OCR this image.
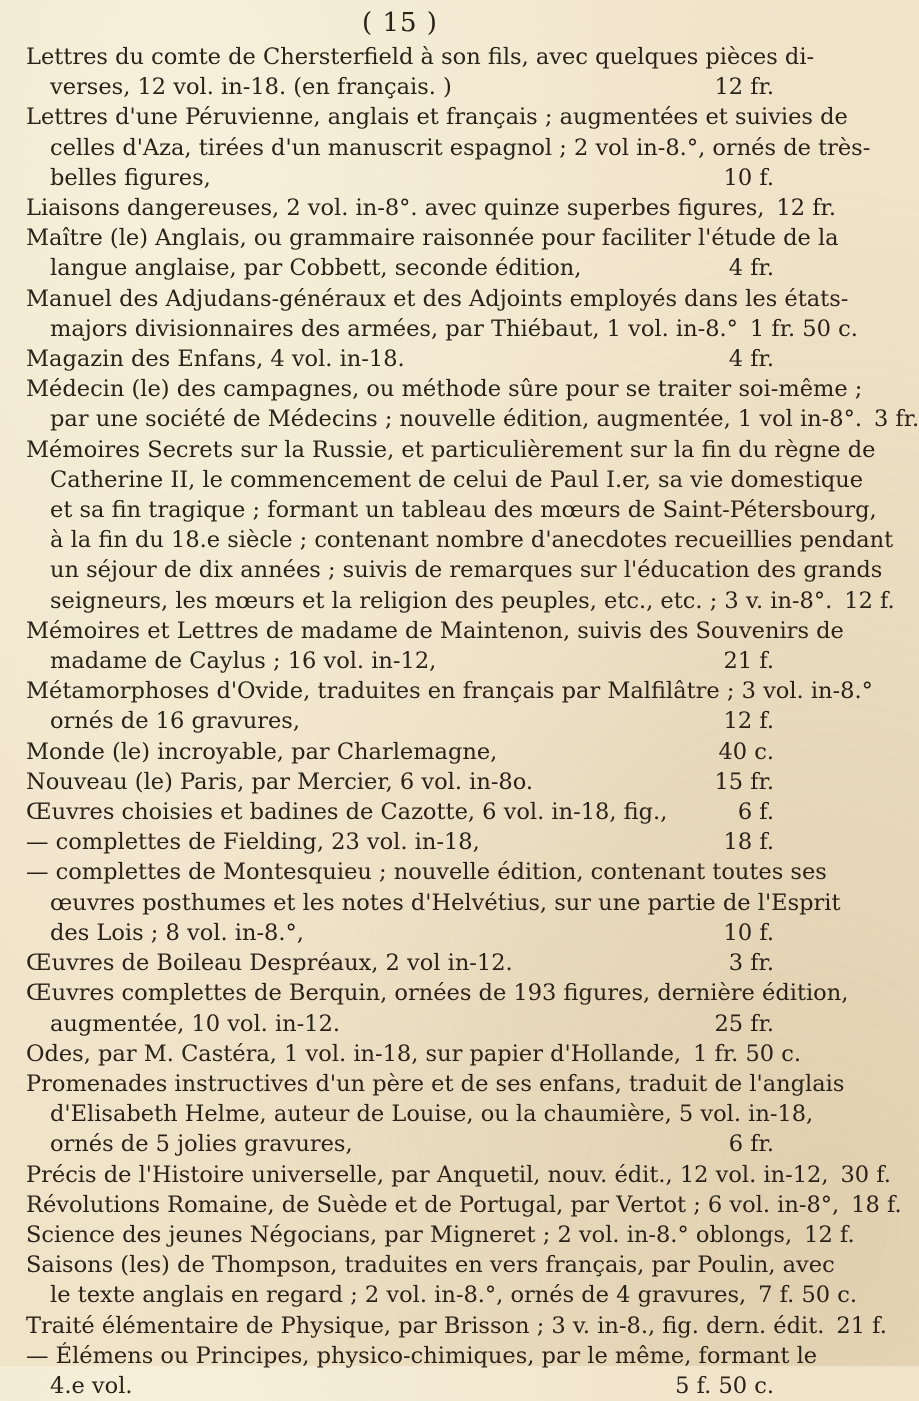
( 15 )
Lettres du comte de Chersterfield à son fils, avec quelques pièces di-
verses, 12 vol. in-18. (en français. )	12 fr.
Lettres d'une Péruvienne, anglais et français ; augmentées et suivies de
celles d'Aza, tirées d'un manuscrit espagnol ; 2 vol in-8.°, ornés de très-
belles figures,	10 f.
Liaisons dangereuses, 2 vol. in-8°. avec quinze superbes figures, 12 fr.
Maître (le) Anglais, ou grammaire raisonnée pour faciliter l'étude de la
langue anglaise, par Cobbett, seconde édition,	4 fr.
Manuel des Adjudans-généraux et des Adjoints employés dans les états-
majors divisionnaires des armées, par Thiébaut, 1 vol. in-8.° 1 fr. 50 c.
Magazin des Enfans, 4 vol. in-18.	4 fr.
Médecin (le) des campagnes, ou méthode sûre pour se traiter soi-même ;
par une société de Médecins ; nouvelle édition, augmentée, 1 vol in-8°. 3 fr.
Mémoires Secrets sur la Russie, et particulièrement sur la fin du règne de
Catherine II, le commencement de celui de Paul I.er, sa vie domestique
et sa fin tragique ; formant un tableau des mœurs de Saint-Pétersbourg,
à la fin du 18.e siècle ; contenant nombre d'anecdotes recueillies pendant
un séjour de dix années ; suivis de remarques sur l'éducation des grands
seigneurs, les mœurs et la religion des peuples, etc., etc. ; 3 v. in-8°. 12 f.
Mémoires et Lettres de madame de Maintenon, suivis des Souvenirs de
madame de Caylus ; 16 vol. in-12,	21 f.
Métamorphoses d'Ovide, traduites en français par Malfilâtre ; 3 vol. in-8.°
ornés de 16 gravures,	12 f.
Monde (le) incroyable, par Charlemagne,	40 c.
Nouveau (le) Paris, par Mercier, 6 vol. in-8o.	15 fr.
Œuvres choisies et badines de Cazotte, 6 vol. in-18, fig.,	6 f.
— complettes de Fielding, 23 vol. in-18,	18 f.
— complettes de Montesquieu ; nouvelle édition, contenant toutes ses
œuvres posthumes et les notes d'Helvétius, sur une partie de l'Esprit
des Lois ; 8 vol. in-8.°,	10 f.
Œuvres de Boileau Despréaux, 2 vol in-12.	3 fr.
Œuvres complettes de Berquin, ornées de 193 figures, dernière édition,
augmentée, 10 vol. in-12.	25 fr.
Odes, par M. Castéra, 1 vol. in-18, sur papier d'Hollande, 1 fr. 50 c.
Promenades instructives d'un père et de ses enfans, traduit de l'anglais
d'Elisabeth Helme, auteur de Louise, ou la chaumière, 5 vol. in-18,
ornés de 5 jolies gravures,	6 fr.
Précis de l'Histoire universelle, par Anquetil, nouv. édit., 12 vol. in-12, 30 f.
Révolutions Romaine, de Suède et de Portugal, par Vertot ; 6 vol. in-8°, 18 f.
Science des jeunes Négocians, par Migneret ; 2 vol. in-8.° oblongs, 12 f.
Saisons (les) de Thompson, traduites en vers français, par Poulin, avec
le texte anglais en regard ; 2 vol. in-8.°, ornés de 4 gravures, 7 f. 50 c.
Traité élémentaire de Physique, par Brisson ; 3 v. in-8., fig. dern. édit. 21 f.
— Élémens ou Principes, physico-chimiques, par le même, formant le
4.e vol.	5 f. 50 c.
